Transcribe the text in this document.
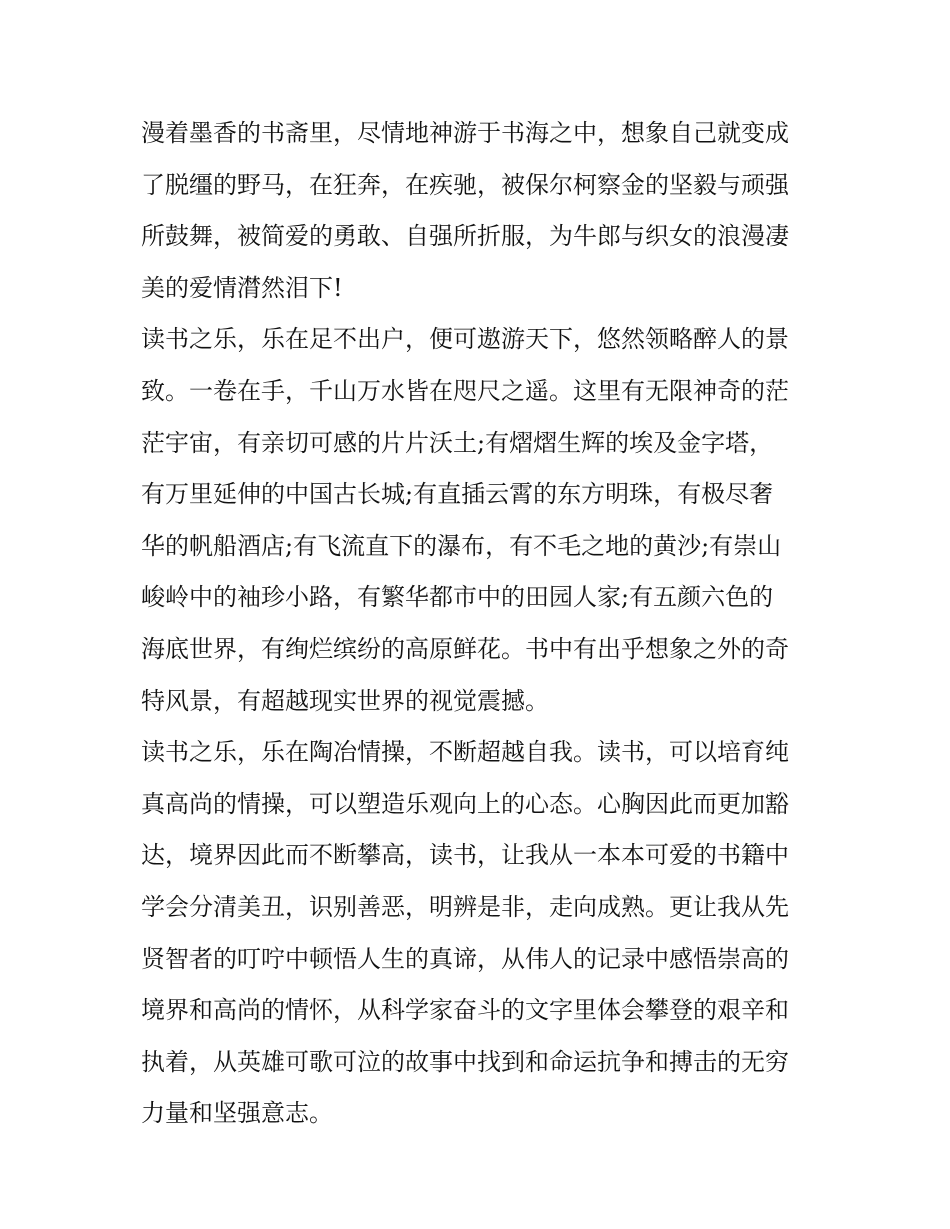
漫着墨香的书斋里，尽情地神游于书海之中，想象自己就变成
了脱缰的野马，在狂奔，在疾驰，被保尔柯察金的坚毅与顽强
所鼓舞，被简爱的勇敢、自强所折服，为牛郎与织女的浪漫凄
美的爱情潸然泪下!
读书之乐，乐在足不出户，便可遨游天下，悠然领略醉人的景
致。一卷在手，千山万水皆在咫尺之遥。这里有无限神奇的茫
茫宇宙，有亲切可感的片片沃土;有熠熠生辉的埃及金字塔，
有万里延伸的中国古长城;有直插云霄的东方明珠，有极尽奢
华的帆船酒店;有飞流直下的瀑布，有不毛之地的黄沙;有崇山
峻岭中的袖珍小路，有繁华都市中的田园人家;有五颜六色的
海底世界，有绚烂缤纷的高原鲜花。书中有出乎想象之外的奇
特风景，有超越现实世界的视觉震撼。
读书之乐，乐在陶冶情操，不断超越自我。读书，可以培育纯
真高尚的情操，可以塑造乐观向上的心态。心胸因此而更加豁
达，境界因此而不断攀高，读书，让我从一本本可爱的书籍中
学会分清美丑，识别善恶，明辨是非，走向成熟。更让我从先
贤智者的叮咛中顿悟人生的真谛，从伟人的记录中感悟崇高的
境界和高尚的情怀，从科学家奋斗的文字里体会攀登的艰辛和
执着，从英雄可歌可泣的故事中找到和命运抗争和搏击的无穷
力量和坚强意志。
